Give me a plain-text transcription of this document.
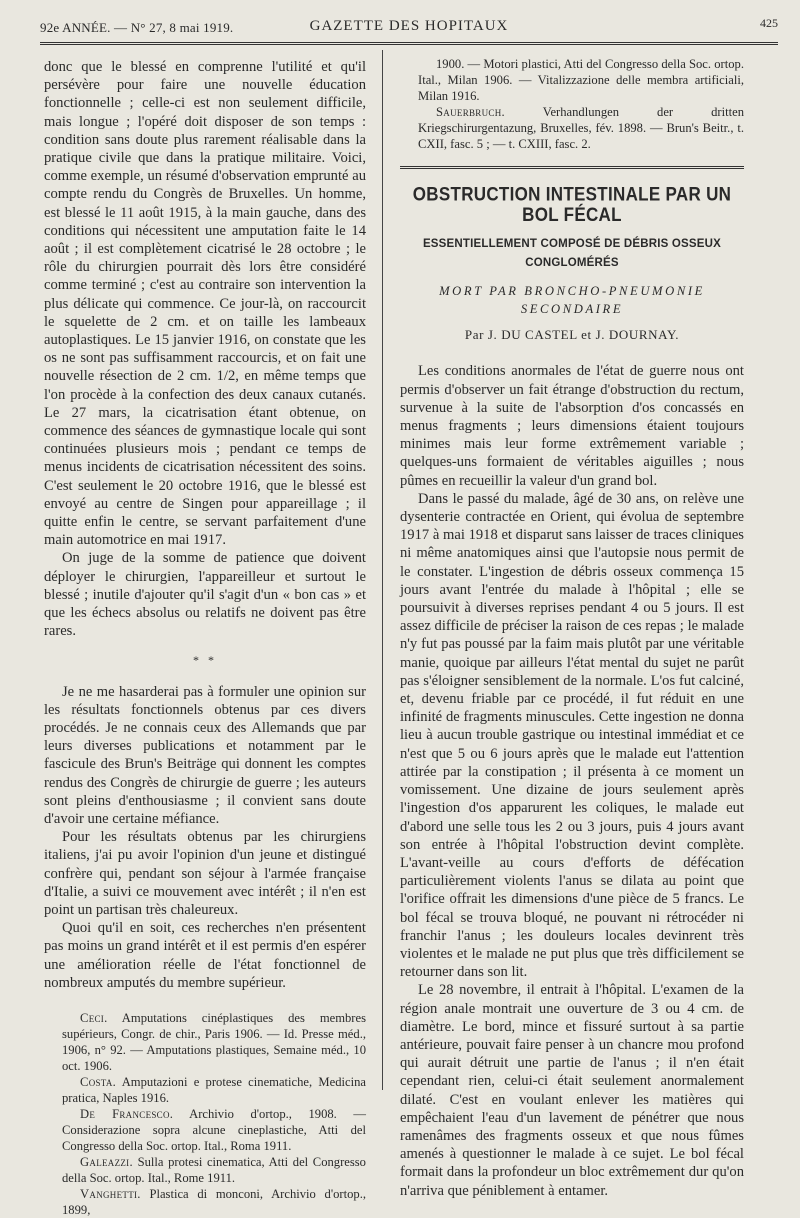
92e ANNÉE. — N° 27, 8 mai 1919.	GAZETTE DES HOPITAUX	425

donc que le blessé en comprenne l'utilité et qu'il persévère pour faire une nouvelle éducation fonctionnelle ; celle-ci est non seulement difficile, mais longue ; l'opéré doit disposer de son temps : condition sans doute plus rarement réalisable dans la pratique civile que dans la pratique militaire. Voici, comme exemple, un résumé d'observation emprunté au compte rendu du Congrès de Bruxelles. Un homme, est blessé le 11 août 1915, à la main gauche, dans des conditions qui nécessitent une amputation faite le 14 août ; il est complètement cicatrisé le 28 octobre ; le rôle du chirurgien pourrait dès lors être considéré comme terminé ; c'est au contraire son intervention la plus délicate qui commence. Ce jour-là, on raccourcit le squelette de 2 cm. et on taille les lambeaux autoplastiques. Le 15 janvier 1916, on constate que les os ne sont pas suffisamment raccourcis, et on fait une nouvelle résection de 2 cm. 1/2, en même temps que l'on procède à la confection des deux canaux cutanés. Le 27 mars, la cicatrisation étant obtenue, on commence des séances de gymnastique locale qui sont continuées plusieurs mois ; pendant ce temps de menus incidents de cicatrisation nécessitent des soins. C'est seulement le 20 octobre 1916, que le blessé est envoyé au centre de Singen pour appareillage ; il quitte enfin le centre, se servant parfaitement d'une main automotrice en mai 1917.

On juge de la somme de patience que doivent déployer le chirurgien, l'appareilleur et surtout le blessé ; inutile d'ajouter qu'il s'agit d'un « bon cas » et que les échecs absolus ou relatifs ne doivent pas être rares.

* *

Je ne me hasarderai pas à formuler une opinion sur les résultats fonctionnels obtenus par ces divers procédés. Je ne connais ceux des Allemands que par leurs diverses publications et notamment par le fascicule des Brun's Beiträge qui donnent les comptes rendus des Congrès de chirurgie de guerre ; les auteurs sont pleins d'enthousiasme ; il convient sans doute d'avoir une certaine méfiance.

Pour les résultats obtenus par les chirurgiens italiens, j'ai pu avoir l'opinion d'un jeune et distingué confrère qui, pendant son séjour à l'armée française d'Italie, a suivi ce mouvement avec intérêt ; il n'en est point un partisan très chaleureux.

Quoi qu'il en soit, ces recherches n'en présentent pas moins un grand intérêt et il est permis d'en espérer une amélioration réelle de l'état fonctionnel de nombreux amputés du membre supérieur.

Ceci. Amputations cinéplastiques des membres supérieurs, Congr. de chir., Paris 1906. — Id. Presse méd., 1906, n° 92. — Amputations plastiques, Semaine méd., 10 oct. 1906.

Costa. Amputazioni e protese cinematiche, Medicina pratica, Naples 1916.

De Francesco. Archivio d'ortop., 1908. — Considerazione sopra alcune cineplastiche, Atti del Congresso della Soc. ortop. Ital., Roma 1911.

Galeazzi. Sulla protesi cinematica, Atti del Congresso della Soc. ortop. Ital., Rome 1911.

Vanghetti. Plastica di monconi, Archivio d'ortop., 1899,

1900. — Motori plastici, Atti del Congresso della Soc. ortop. Ital., Milan 1906. — Vitalizzazione delle membra artificiali, Milan 1916.

Sauerbruch.	Verhandlungen der dritten Kriegschirurgentazung, Bruxelles, fév. 1898. — Brun's Beitr., t. CXII, fasc. 5 ; — t. CXIII, fasc. 2.

OBSTRUCTION INTESTINALE PAR UN BOL FÉCAL
ESSENTIELLEMENT COMPOSÉ DE DÉBRIS OSSEUX CONGLOMÉRÉS
MORT PAR BRONCHO-PNEUMONIE SECONDAIRE
Par J. DU CASTEL et J. DOURNAY.

Les conditions anormales de l'état de guerre nous ont permis d'observer un fait étrange d'obstruction du rectum, survenue à la suite de l'absorption d'os concassés en menus fragments ; leurs dimensions étaient toujours minimes mais leur forme extrêmement variable ; quelques-uns formaient de véritables aiguilles ; nous pûmes en recueillir la valeur d'un grand bol.

Dans le passé du malade, âgé de 30 ans, on relève une dysenterie contractée en Orient, qui évolua de septembre 1917 à mai 1918 et disparut sans laisser de traces cliniques ni même anatomiques ainsi que l'autopsie nous permit de le constater. L'ingestion de débris osseux commença 15 jours avant l'entrée du malade à l'hôpital ; elle se poursuivit à diverses reprises pendant 4 ou 5 jours. Il est assez difficile de préciser la raison de ces repas ; le malade n'y fut pas poussé par la faim mais plutôt par une véritable manie, quoique par ailleurs l'état mental du sujet ne parût pas s'éloigner sensiblement de la normale. L'os fut calciné, et, devenu friable par ce procédé, il fut réduit en une infinité de fragments minuscules. Cette ingestion ne donna lieu à aucun trouble gastrique ou intestinal immédiat et ce n'est que 5 ou 6 jours après que le malade eut l'attention attirée par la constipation ; il présenta à ce moment un vomissement. Une dizaine de jours seulement après l'ingestion d'os apparurent les coliques, le malade eut d'abord une selle tous les 2 ou 3 jours, puis 4 jours avant son entrée à l'hôpital l'obstruction devint complète. L'avant-veille au cours d'efforts de défécation particulièrement violents l'anus se dilata au point que l'orifice offrait les dimensions d'une pièce de 5 francs. Le bol fécal se trouva bloqué, ne pouvant ni rétrocéder ni franchir l'anus ; les douleurs locales devinrent très violentes et le malade ne put plus que très difficilement se retourner dans son lit.

Le 28 novembre, il entrait à l'hôpital. L'examen de la région anale montrait une ouverture de 3 ou 4 cm. de diamètre. Le bord, mince et fissuré surtout à sa partie antérieure, pouvait faire penser à un chancre mou profond qui aurait détruit une partie de l'anus ; il n'en était cependant rien, celui-ci était seulement anormalement dilaté. C'est en voulant enlever les matières qui empêchaient l'eau d'un lavement de pénétrer que nous ramenâmes des fragments osseux et que nous fûmes amenés à questionner le malade à ce sujet. Le bol fécal formait dans la profondeur un bloc extrêmement dur qu'on n'arriva que péniblement à entamer.
